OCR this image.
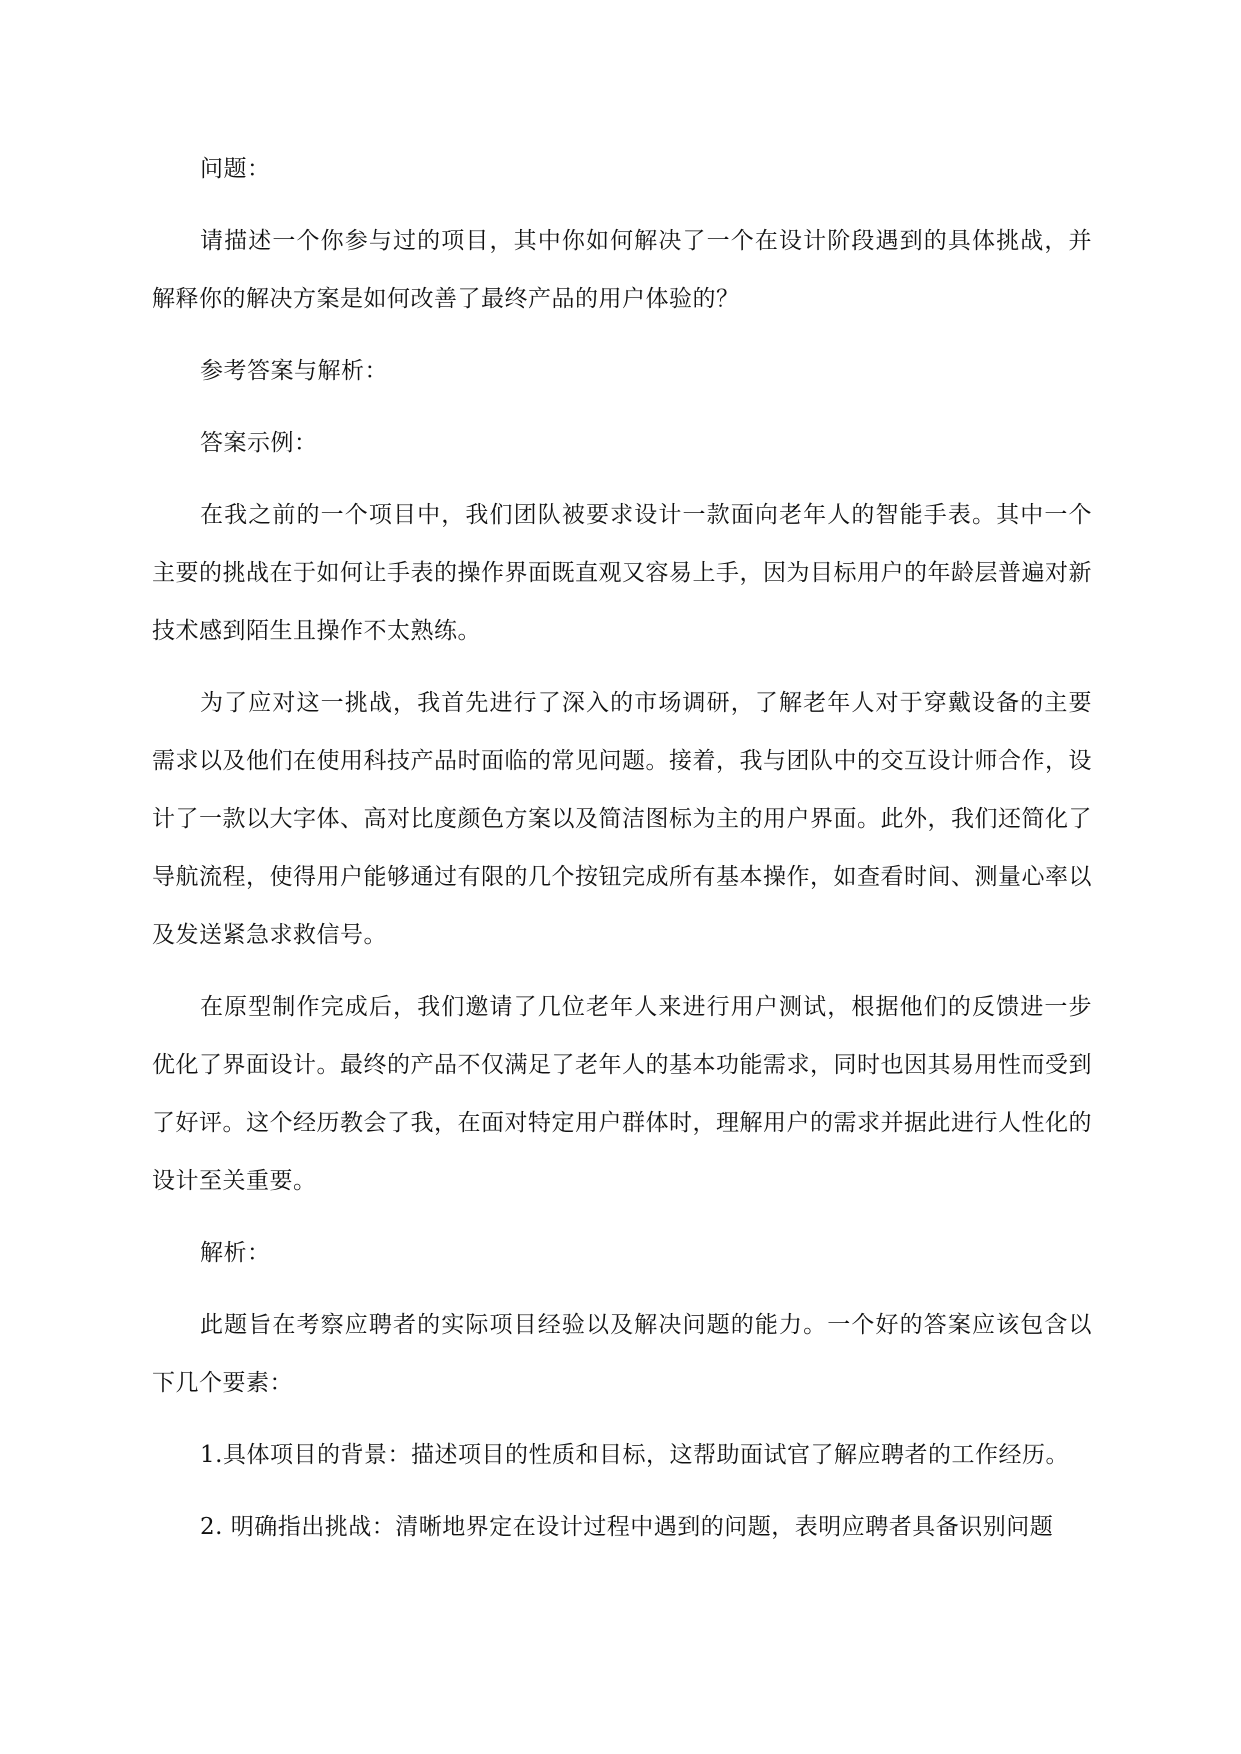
问题：

请描述一个你参与过的项目，其中你如何解决了一个在设计阶段遇到的具体挑战，并解释你的解决方案是如何改善了最终产品的用户体验的？

参考答案与解析：

答案示例：

在我之前的一个项目中，我们团队被要求设计一款面向老年人的智能手表。其中一个主要的挑战在于如何让手表的操作界面既直观又容易上手，因为目标用户的年龄层普遍对新技术感到陌生且操作不太熟练。

为了应对这一挑战，我首先进行了深入的市场调研，了解老年人对于穿戴设备的主要需求以及他们在使用科技产品时面临的常见问题。接着，我与团队中的交互设计师合作，设计了一款以大字体、高对比度颜色方案以及简洁图标为主的用户界面。此外，我们还简化了导航流程，使得用户能够通过有限的几个按钮完成所有基本操作，如查看时间、测量心率以及发送紧急求救信号。

在原型制作完成后，我们邀请了几位老年人来进行用户测试，根据他们的反馈进一步优化了界面设计。最终的产品不仅满足了老年人的基本功能需求，同时也因其易用性而受到了好评。这个经历教会了我，在面对特定用户群体时，理解用户的需求并据此进行人性化的设计至关重要。

解析：

此题旨在考察应聘者的实际项目经验以及解决问题的能力。一个好的答案应该包含以下几个要素：

1.具体项目的背景：描述项目的性质和目标，这帮助面试官了解应聘者的工作经历。

2. 明确指出挑战：清晰地界定在设计过程中遇到的问题，表明应聘者具备识别问题
